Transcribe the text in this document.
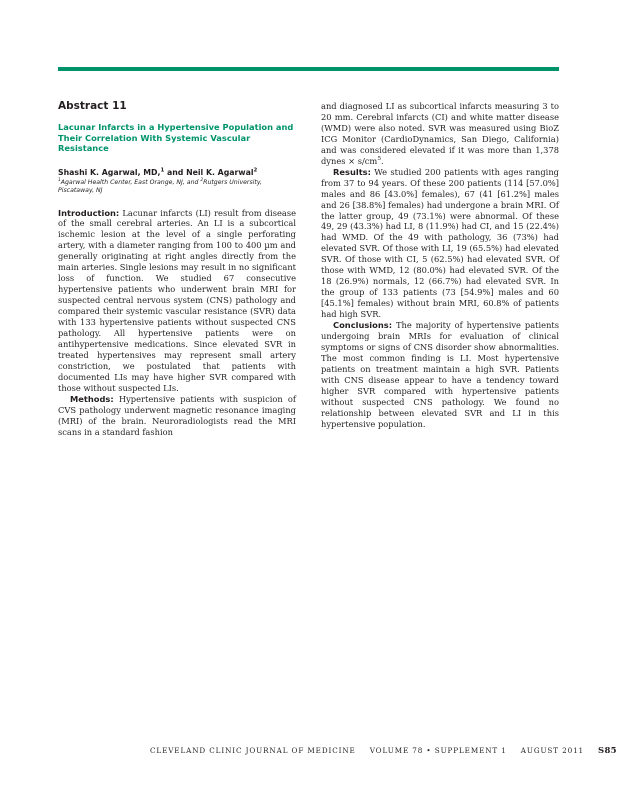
Abstract 11
Lacunar Infarcts in a Hypertensive Population and Their Correlation With Systemic Vascular Resistance
Shashi K. Agarwal, MD,$^1$ and Neil K. Agarwal$^2$
$^1$Agarwal Health Center, East Orange, NJ, and $^2$Rutgers University, Piscataway, NJ

Introduction: Lacunar infarcts (LI) result from disease of the small cerebral arteries. An LI is a subcortical ischemic lesion at the level of a single perforating artery, with a diameter ranging from 100 to 400 µm and generally originating at right angles directly from the main arteries. Single lesions may result in no significant loss of function. We studied 67 consecutive hypertensive patients who underwent brain MRI for suspected central nervous system (CNS) pathology and compared their systemic vascular resistance (SVR) data with 133 hypertensive patients without suspected CNS pathology. All hypertensive patients were on antihypertensive medications. Since elevated SVR in treated hypertensives may represent small artery constriction, we postulated that patients with documented LIs may have higher SVR compared with those without suspected LIs.

Methods: Hypertensive patients with suspicion of CVS pathology underwent magnetic resonance imaging (MRI) of the brain. Neuroradiologists read the MRI scans in a standard fashion

and diagnosed LI as subcortical infarcts measuring 3 to 20 mm. Cerebral infarcts (CI) and white matter disease (WMD) were also noted. SVR was measured using BioZ ICG Monitor (CardioDynamics, San Diego, California) and was considered elevated if it was more than 1,378 dynes × $s/cm^5$.

Results: We studied 200 patients with ages ranging from 37 to 94 years. Of these 200 patients (114 [57.0%] males and 86 [43.0%] females), 67 (41 [61.2%] males and 26 [38.8%] females) had undergone a brain MRI. Of the latter group, 49 (73.1%) were abnormal. Of these 49, 29 (43.3%) had LI, 8 (11.9%) had CI, and 15 (22.4%) had WMD. Of the 49 with pathology, 36 (73%) had elevated SVR. Of those with LI, 19 (65.5%) had elevated SVR. Of those with CI, 5 (62.5%) had elevated SVR. Of those with WMD, 12 (80.0%) had elevated SVR. Of the 18 (26.9%) normals, 12 (66.7%) had elevated SVR. In the group of 133 patients (73 [54.9%] males and 60 [45.1%] females) without brain MRI, 60.8% of patients had high SVR.

Conclusions: The majority of hypertensive patients undergoing brain MRIs for evaluation of clinical symptoms or signs of CNS disorder show abnormalities. The most common finding is LI. Most hypertensive patients on treatment maintain a high SVR. Patients with CNS disease appear to have a tendency toward higher SVR compared with hypertensive patients without suspected CNS pathology. We found no relationship between elevated SVR and LI in this hypertensive population.

CLEVELAND CLINIC JOURNAL OF MEDICINE VOLUME 78 • SUPPLEMENT 1 AUGUST 2011 S85
